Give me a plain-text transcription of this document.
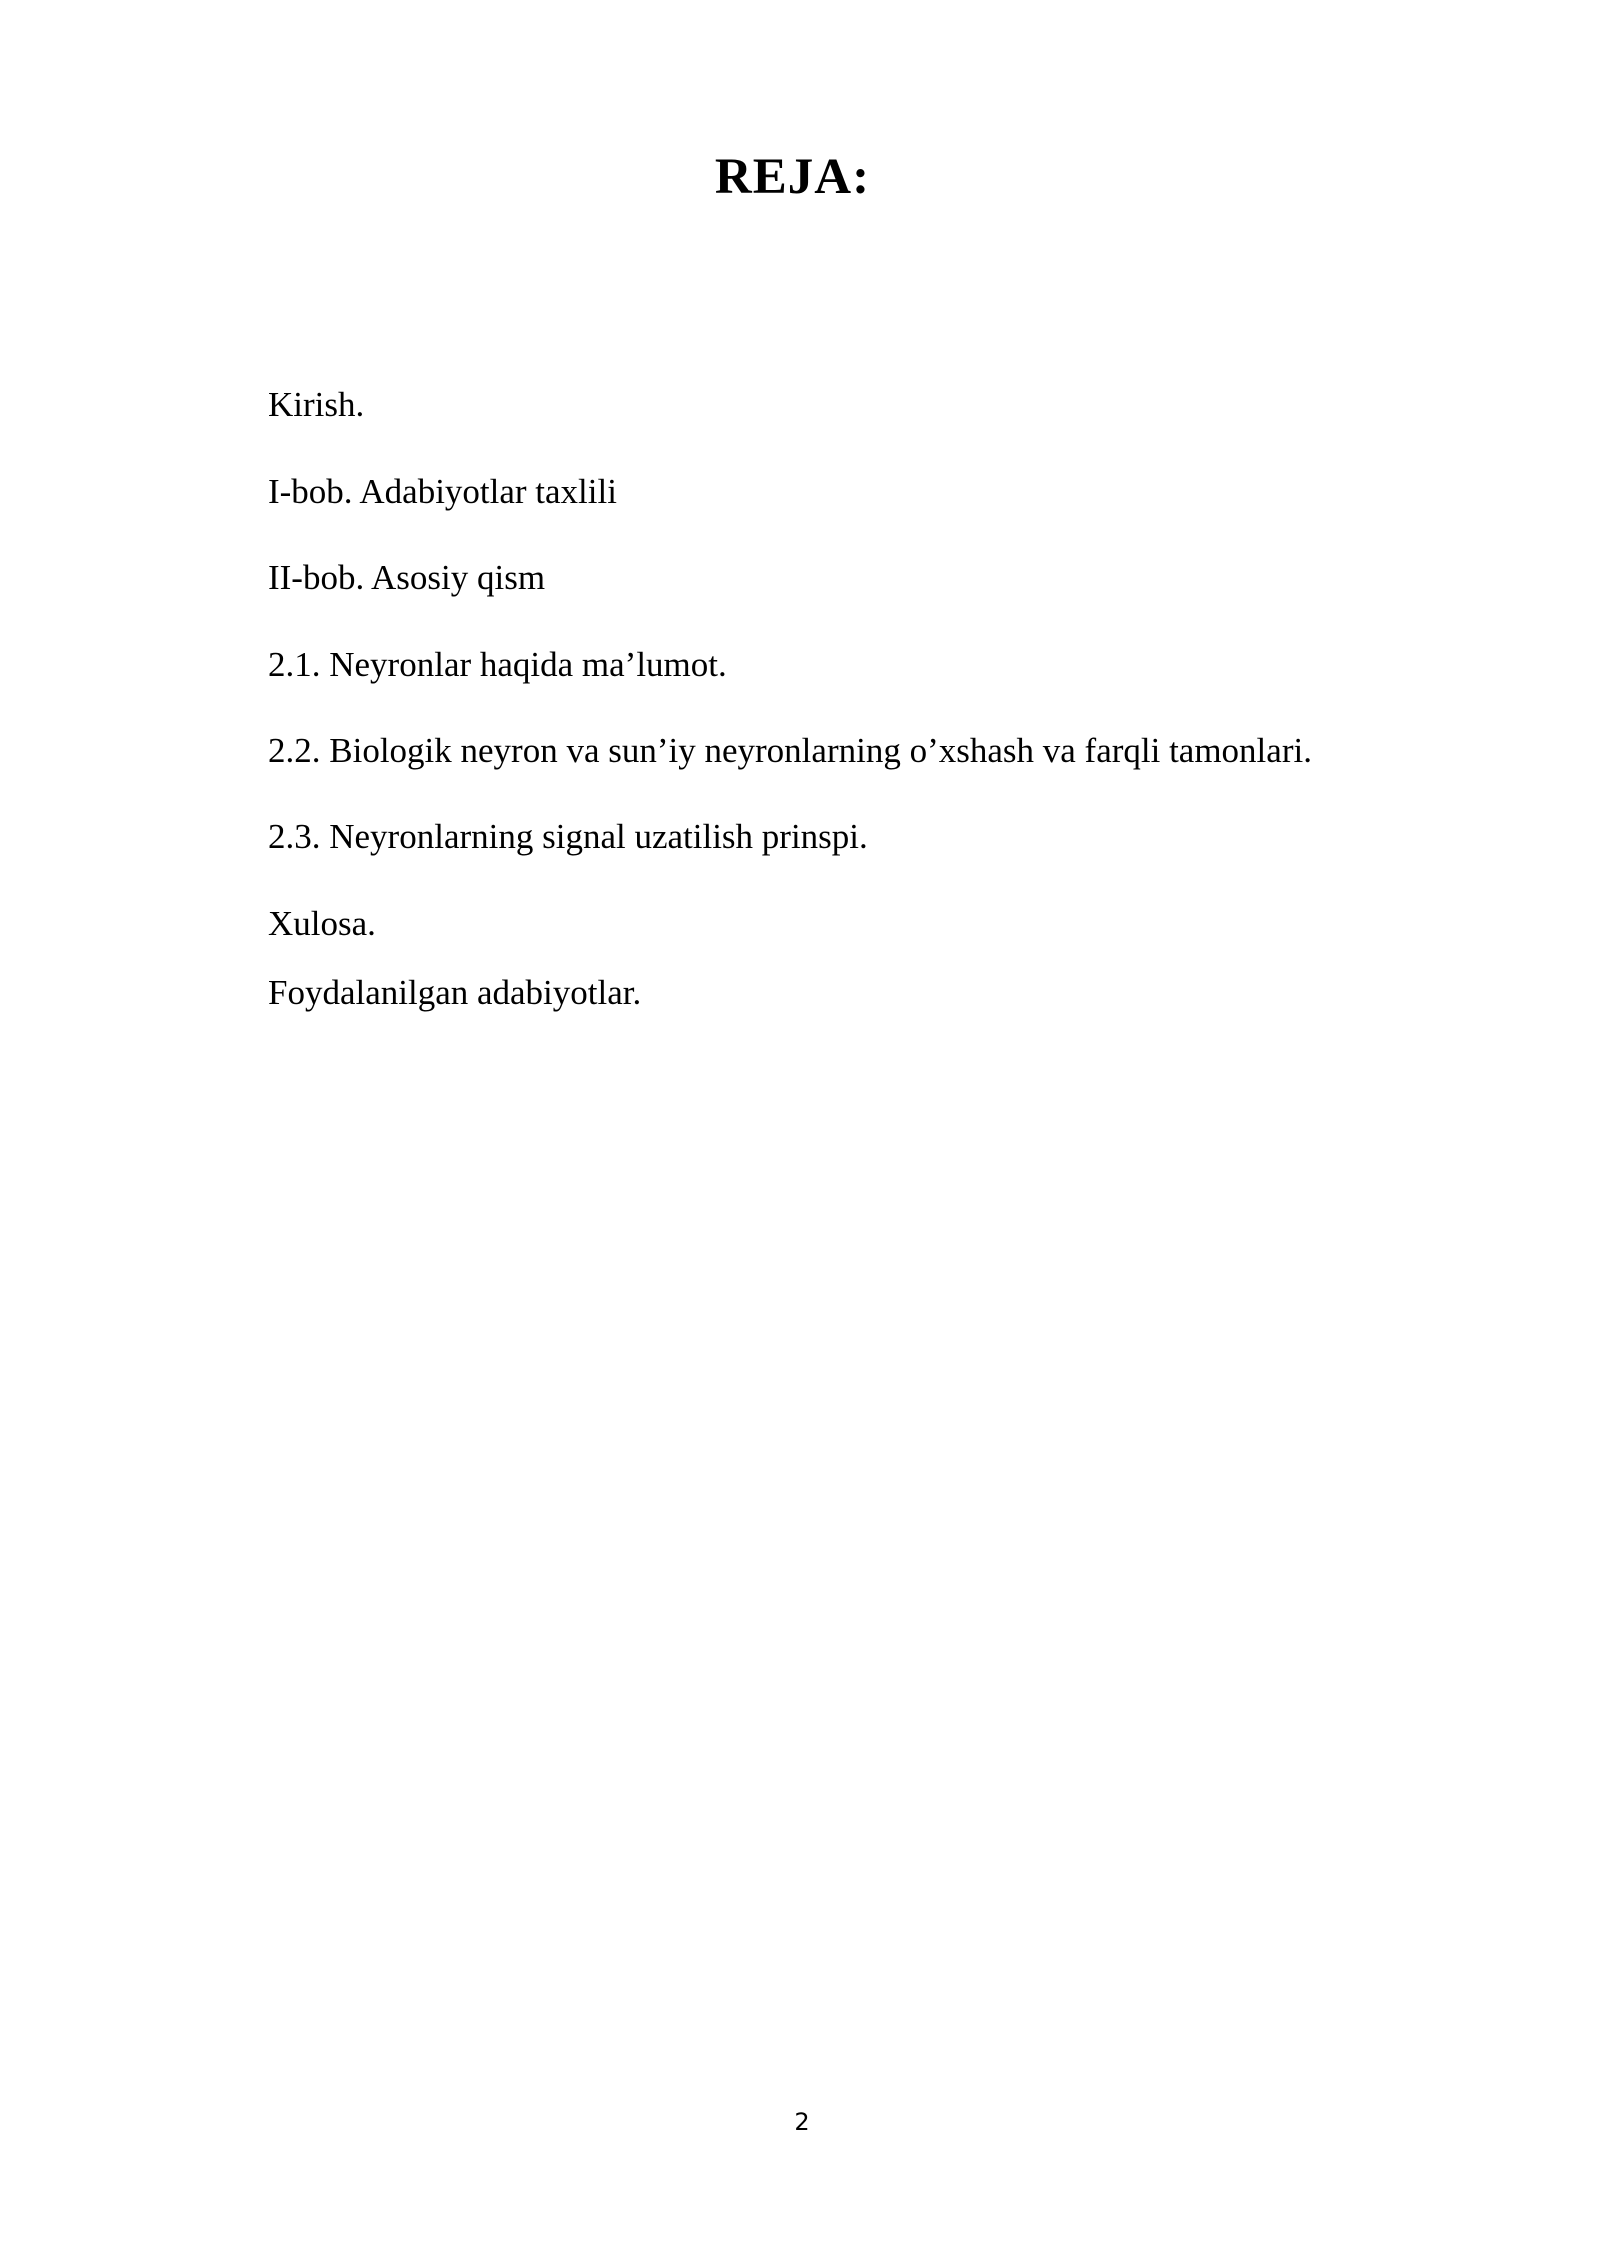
REJA:
Kirish.
I-bob. Adabiyotlar taxlili
II-bob. Asosiy qism
2.1. Neyronlar haqida ma’lumot.
2.2. Biologik neyron va sun’iy neyronlarning o’xshash va farqli tamonlari.
2.3. Neyronlarning signal uzatilish prinspi.
Xulosa.
Foydalanilgan adabiyotlar.
2
